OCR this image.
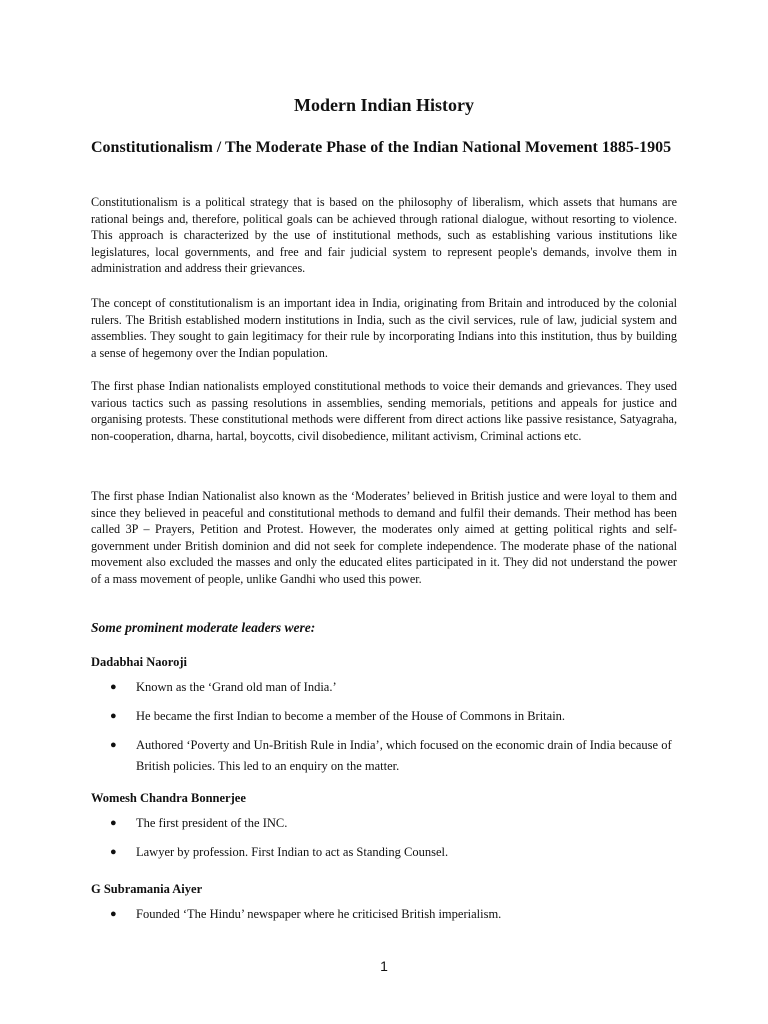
Modern Indian History
Constitutionalism / The Moderate Phase of the Indian National Movement 1885-1905

Constitutionalism is a political strategy that is based on the philosophy of liberalism, which assets that humans are rational beings and, therefore, political goals can be achieved through rational dialogue, without resorting to violence. This approach is characterized by the use of institutional methods, such as establishing various institutions like legislatures, local governments, and free and fair judicial system to represent people's demands, involve them in administration and address their grievances.

The concept of constitutionalism is an important idea in India, originating from Britain and introduced by the colonial rulers. The British established modern institutions in India, such as the civil services, rule of law, judicial system and assemblies. They sought to gain legitimacy for their rule by incorporating Indians into this institution, thus by building a sense of hegemony over the Indian population.

The first phase Indian nationalists employed constitutional methods to voice their demands and grievances. They used various tactics such as passing resolutions in assemblies, sending memorials, petitions and appeals for justice and organising protests. These constitutional methods were different from direct actions like passive resistance, Satyagraha, non-cooperation, dharna, hartal, boycotts, civil disobedience, militant activism, Criminal actions etc.

The first phase Indian Nationalist also known as the ‘Moderates’ believed in British justice and were loyal to them and since they believed in peaceful and constitutional methods to demand and fulfil their demands. Their method has been called 3P – Prayers, Petition and Protest. However, the moderates only aimed at getting political rights and self-government under British dominion and did not seek for complete independence. The moderate phase of the national movement also excluded the masses and only the educated elites participated in it. They did not understand the power of a mass movement of people, unlike Gandhi who used this power.

Some prominent moderate leaders were:

Dadabhai Naoroji

●	Known as the ‘Grand old man of India.’
●	He became the first Indian to become a member of the House of Commons in Britain.
●	Authored ‘Poverty and Un-British Rule in India’, which focused on the economic drain of India because of British policies. This led to an enquiry on the matter.

Womesh Chandra Bonnerjee

●	The first president of the INC.
●	Lawyer by profession. First Indian to act as Standing Counsel.

G Subramania Aiyer

●	Founded ‘The Hindu’ newspaper where he criticised British imperialism.
1
